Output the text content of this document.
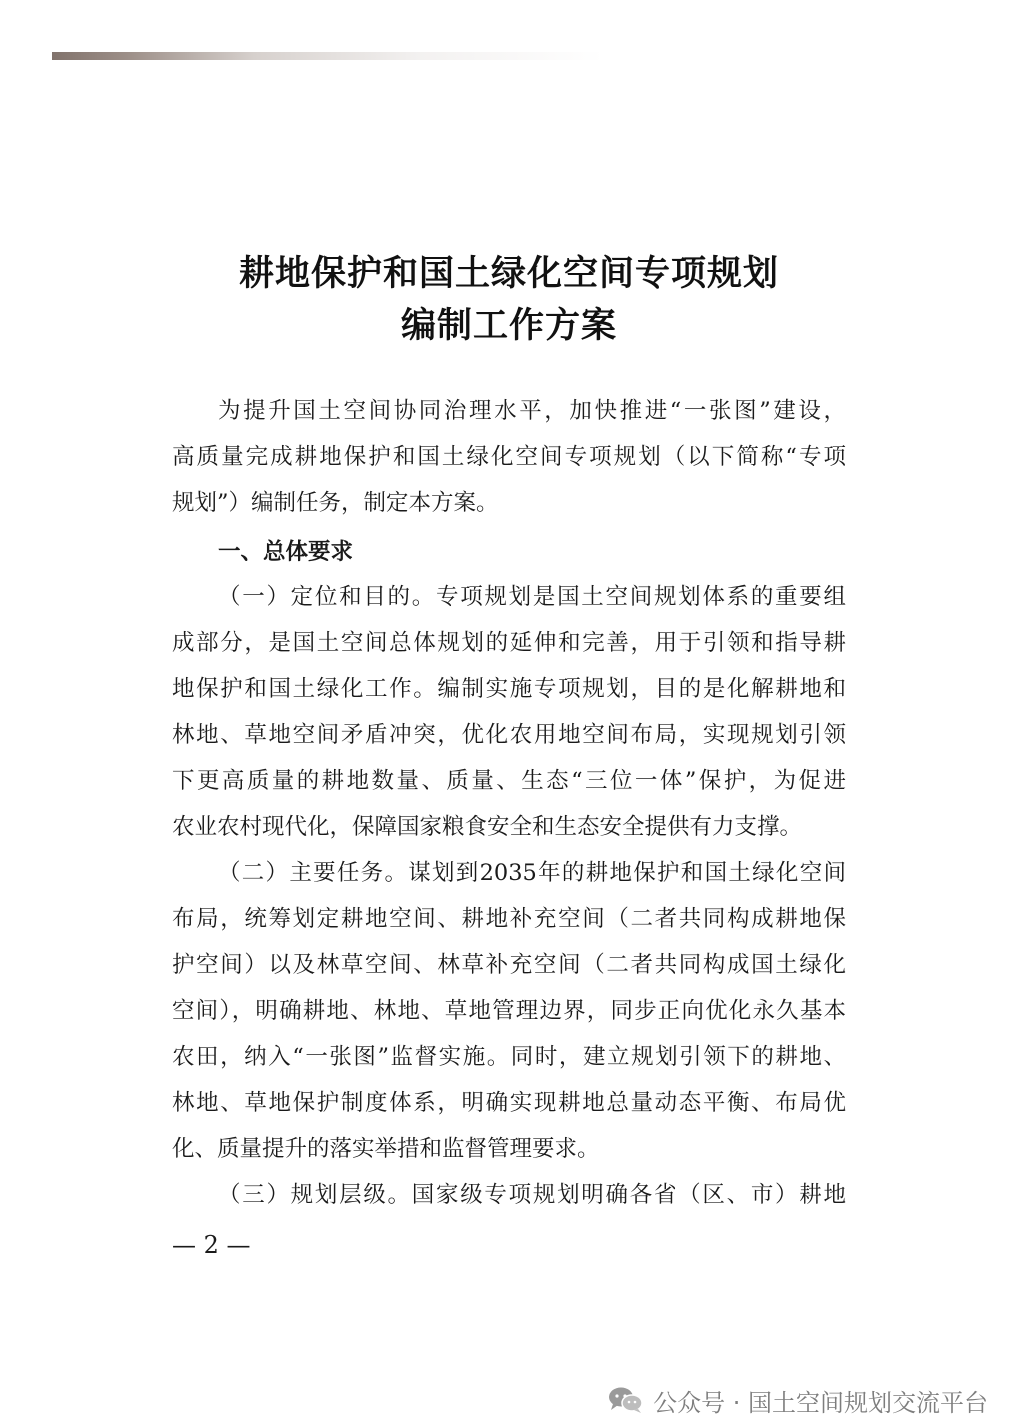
耕地保护和国土绿化空间专项规划
编制工作方案
为提升国土空间协同治理水平，加快推进“一张图”建设，
高质量完成耕地保护和国土绿化空间专项规划（以下简称“专项
规划”）编制任务，制定本方案。
一、总体要求
（一）定位和目的。专项规划是国土空间规划体系的重要组
成部分，是国土空间总体规划的延伸和完善，用于引领和指导耕
地保护和国土绿化工作。编制实施专项规划，目的是化解耕地和
林地、草地空间矛盾冲突，优化农用地空间布局，实现规划引领
下更高质量的耕地数量、质量、生态“三位一体”保护，为促进
农业农村现代化，保障国家粮食安全和生态安全提供有力支撑。
（二）主要任务。谋划到2035年的耕地保护和国土绿化空间
布局，统筹划定耕地空间、耕地补充空间（二者共同构成耕地保
护空间）以及林草空间、林草补充空间（二者共同构成国土绿化
空间），明确耕地、林地、草地管理边界，同步正向优化永久基本
农田，纳入“一张图”监督实施。同时，建立规划引领下的耕地、
林地、草地保护制度体系，明确实现耕地总量动态平衡、布局优
化、质量提升的落实举措和监督管理要求。
（三）规划层级。国家级专项规划明确各省（区、市）耕地
— 2 —
公众号 · 国土空间规划交流平台
